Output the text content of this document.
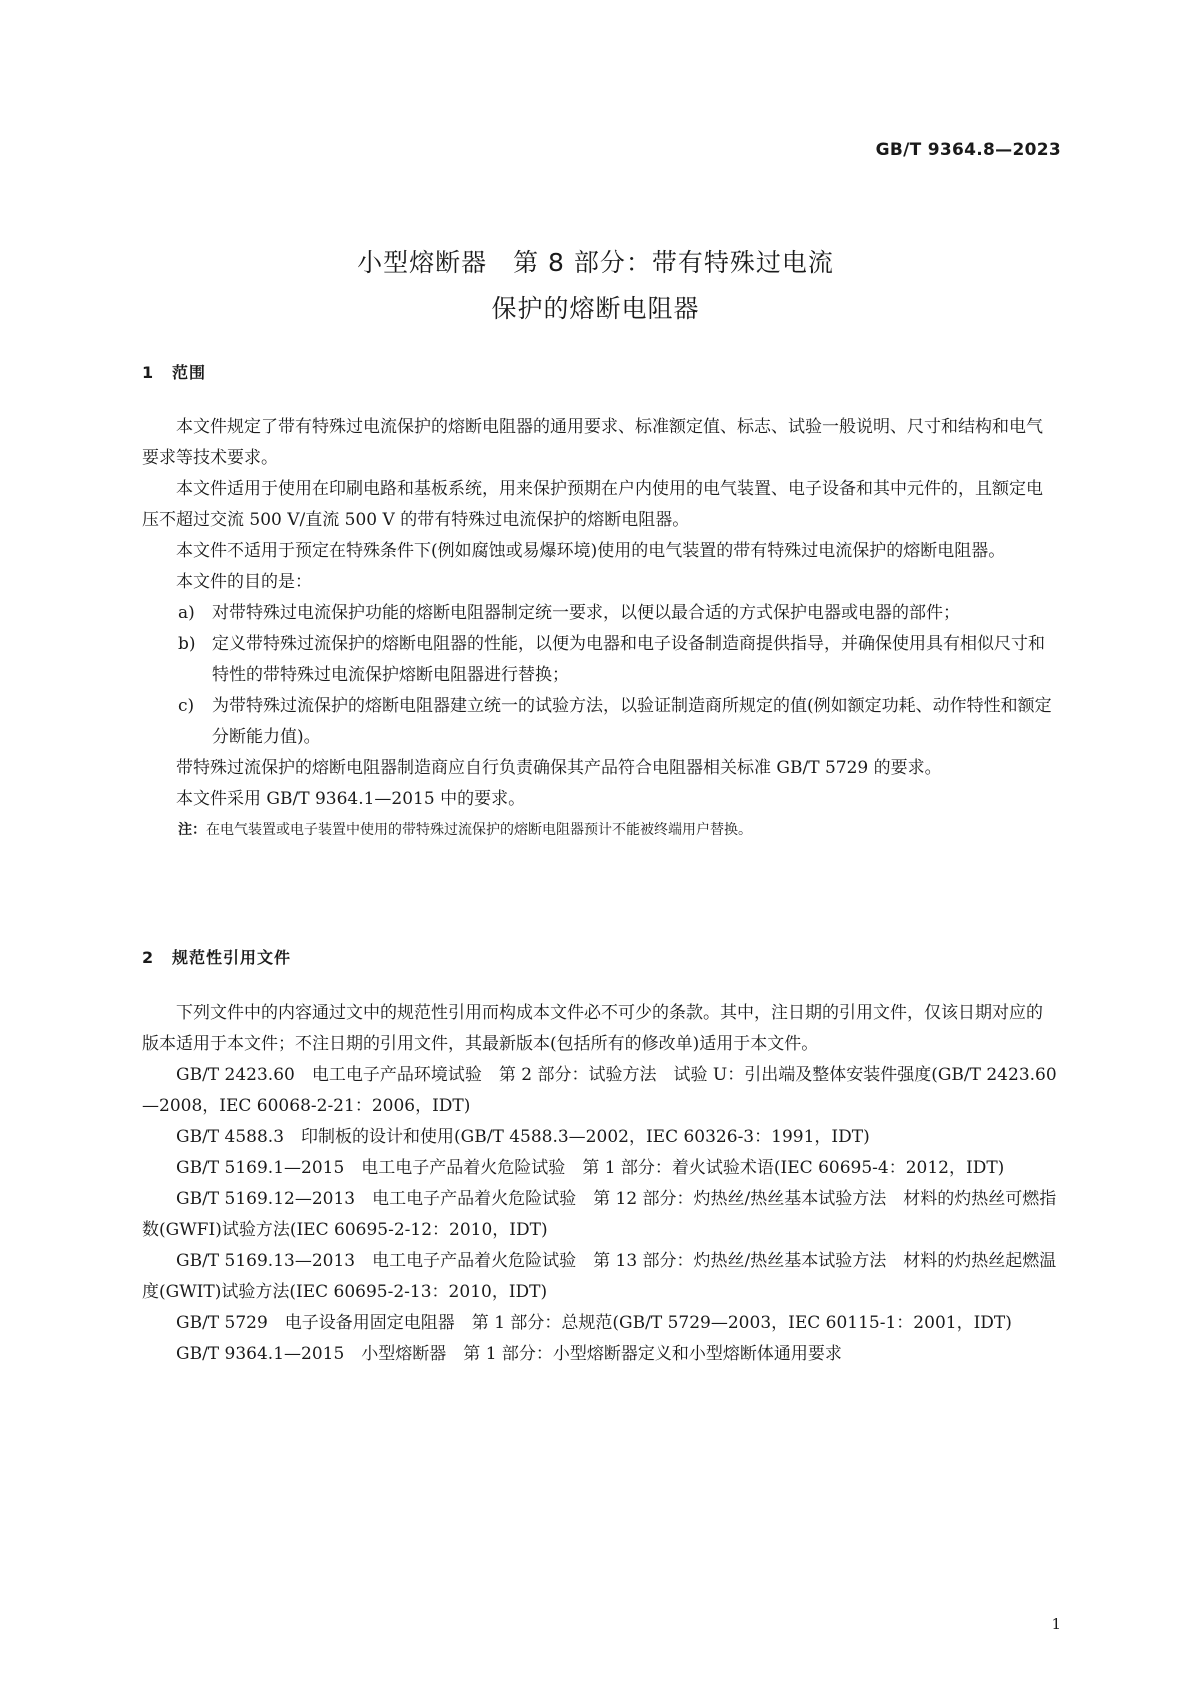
GB/T 9364.8—2023
小型熔断器　第 8 部分：带有特殊过电流
保护的熔断电阻器
1 范围

本文件规定了带有特殊过电流保护的熔断电阻器的通用要求、标准额定值、标志、试验一般说明、尺寸和结构和电气要求等技术要求。

本文件适用于使用在印刷电路和基板系统，用来保护预期在户内使用的电气装置、电子设备和其中元件的，且额定电压不超过交流 500 V/直流 500 V 的带有特殊过电流保护的熔断电阻器。

本文件不适用于预定在特殊条件下(例如腐蚀或易爆环境)使用的电气装置的带有特殊过电流保护的熔断电阻器。

本文件的目的是：

a) 对带特殊过电流保护功能的熔断电阻器制定统一要求，以便以最合适的方式保护电器或电器的部件；
b) 定义带特殊过流保护的熔断电阻器的性能，以便为电器和电子设备制造商提供指导，并确保使用具有相似尺寸和特性的带特殊过电流保护熔断电阻器进行替换；
c) 为带特殊过流保护的熔断电阻器建立统一的试验方法，以验证制造商所规定的值(例如额定功耗、动作特性和额定分断能力值)。

带特殊过流保护的熔断电阻器制造商应自行负责确保其产品符合电阻器相关标准 GB/T 5729 的要求。

本文件采用 GB/T 9364.1—2015 中的要求。

注：在电气装置或电子装置中使用的带特殊过流保护的熔断电阻器预计不能被终端用户替换。

2 规范性引用文件

下列文件中的内容通过文中的规范性引用而构成本文件必不可少的条款。其中，注日期的引用文件，仅该日期对应的版本适用于本文件；不注日期的引用文件，其最新版本(包括所有的修改单)适用于本文件。

GB/T 2423.60　电工电子产品环境试验　第 2 部分：试验方法　试验 U：引出端及整体安装件强度(GB/T 2423.60—2008，IEC 60068-2-21：2006，IDT)

GB/T 4588.3　印制板的设计和使用(GB/T 4588.3—2002，IEC 60326-3：1991，IDT)

GB/T 5169.1—2015　电工电子产品着火危险试验　第 1 部分：着火试验术语(IEC 60695-4：2012，IDT)

GB/T 5169.12—2013　电工电子产品着火危险试验　第 12 部分：灼热丝/热丝基本试验方法　材料的灼热丝可燃指数(GWFI)试验方法(IEC 60695-2-12：2010，IDT)

GB/T 5169.13—2013　电工电子产品着火危险试验　第 13 部分：灼热丝/热丝基本试验方法　材料的灼热丝起燃温度(GWIT)试验方法(IEC 60695-2-13：2010，IDT)

GB/T 5729　电子设备用固定电阻器　第 1 部分：总规范(GB/T 5729—2003，IEC 60115-1：2001，IDT)

GB/T 9364.1—2015　小型熔断器　第 1 部分：小型熔断器定义和小型熔断体通用要求

1
